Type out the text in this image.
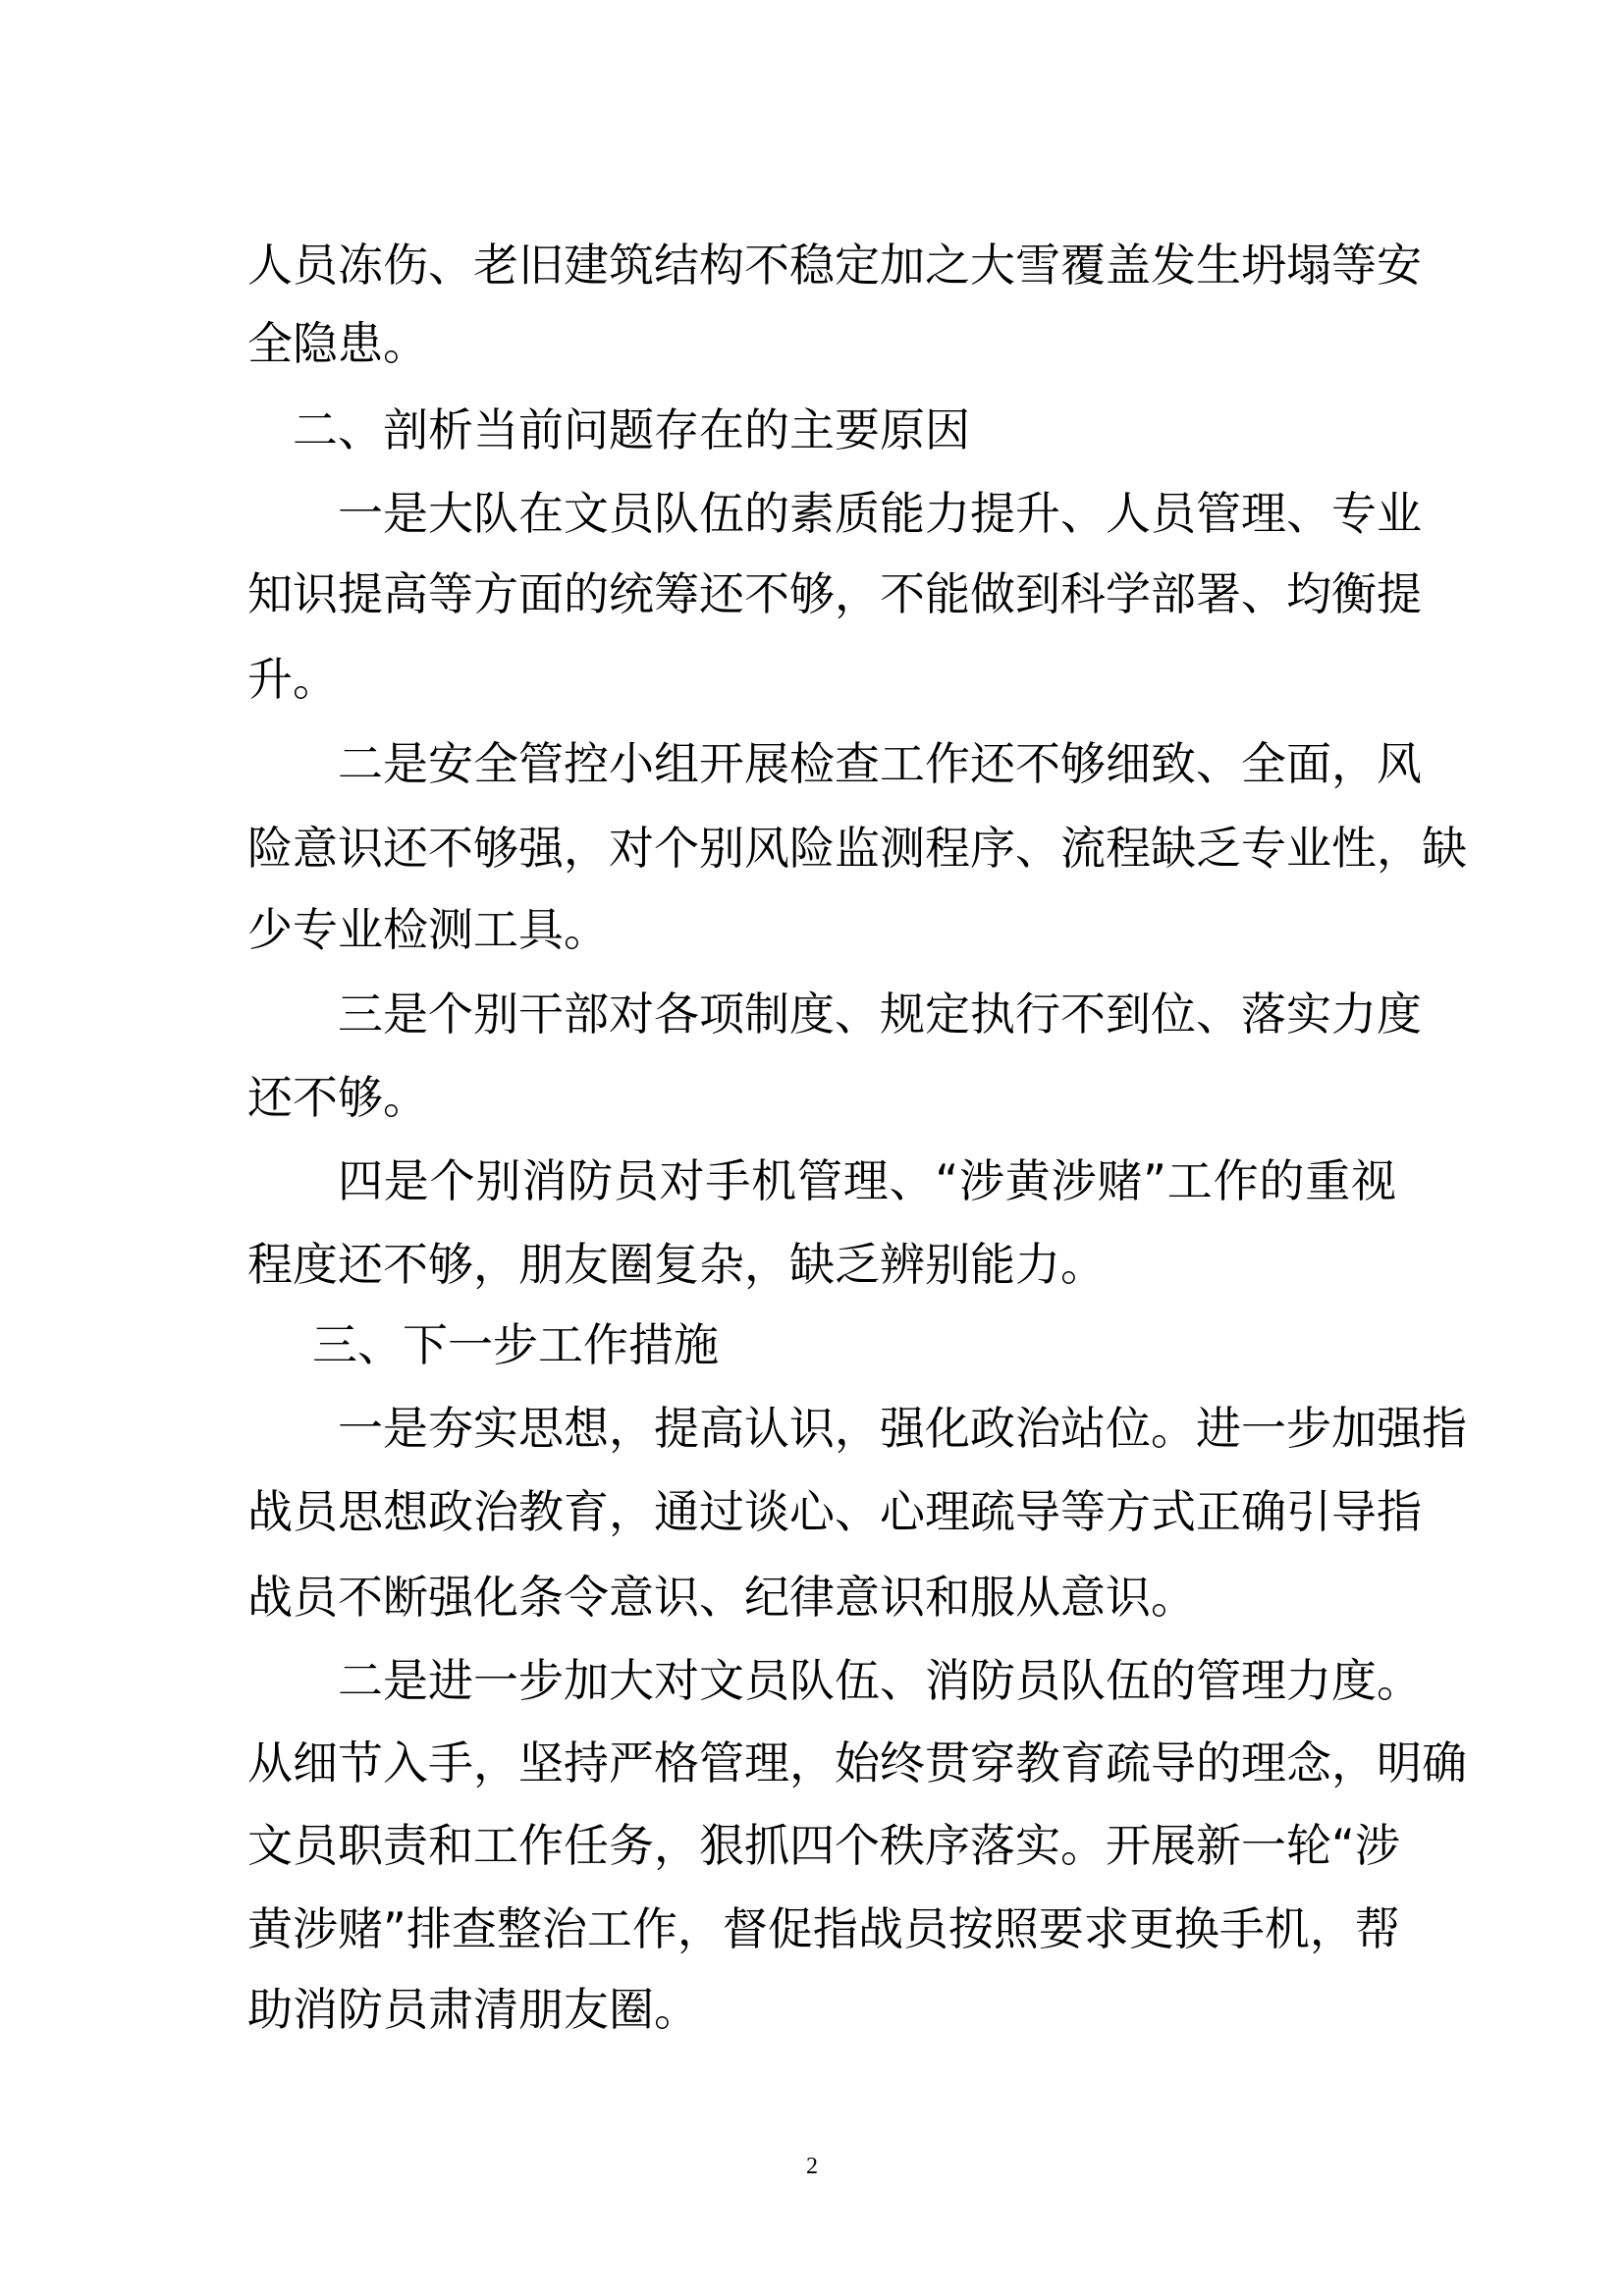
人员冻伤、老旧建筑结构不稳定加之大雪覆盖发生坍塌等安
全隐患。
二、剖析当前问题存在的主要原因
一是大队在文员队伍的素质能力提升、人员管理、专业
知识提高等方面的统筹还不够，不能做到科学部署、均衡提
升。
二是安全管控小组开展检查工作还不够细致、全面，风
险意识还不够强，对个别风险监测程序、流程缺乏专业性，缺
少专业检测工具。
三是个别干部对各项制度、规定执行不到位、落实力度
还不够。
四是个别消防员对手机管理、“涉黄涉赌”工作的重视
程度还不够，朋友圈复杂，缺乏辨别能力。
三、下一步工作措施
一是夯实思想，提高认识，强化政治站位。进一步加强指
战员思想政治教育，通过谈心、心理疏导等方式正确引导指
战员不断强化条令意识、纪律意识和服从意识。
二是进一步加大对文员队伍、消防员队伍的管理力度。
从细节入手，坚持严格管理，始终贯穿教育疏导的理念，明确
文员职责和工作任务，狠抓四个秩序落实。开展新一轮“涉
黄涉赌”排查整治工作，督促指战员按照要求更换手机，帮
助消防员肃清朋友圈。
2
